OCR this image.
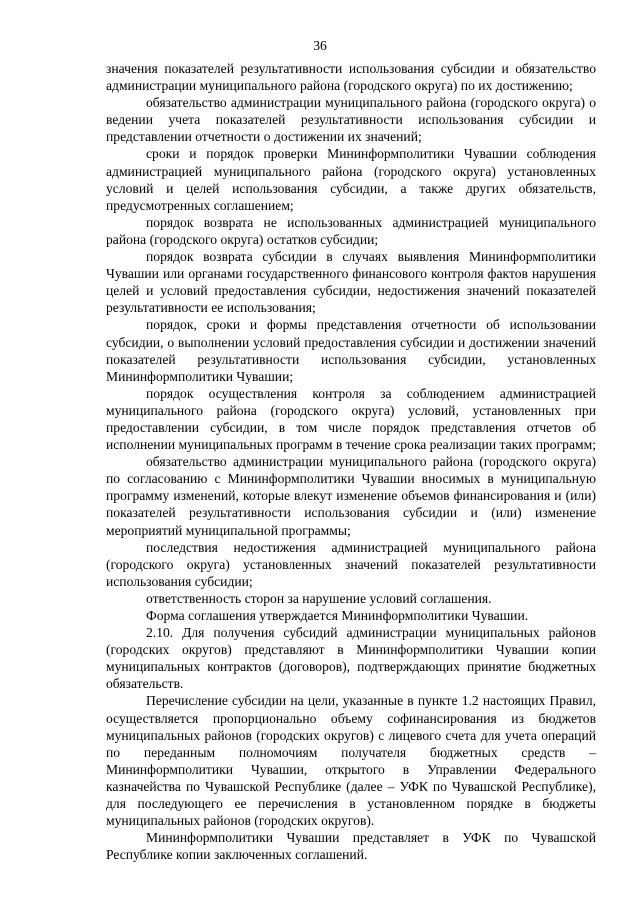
36

значения показателей результативности использования субсидии и обязательство администрации муниципального района (городского округа) по их достижению;

обязательство администрации муниципального района (городского округа) о ведении учета показателей результативности использования субсидии и представлении отчетности о достижении их значений;

сроки и порядок проверки Мининформполитики Чувашии соблюдения администрацией муниципального района (городского округа) установленных условий и целей использования субсидии, а также других обязательств, предусмотренных соглашением;

порядок возврата не использованных администрацией муниципального района (городского округа) остатков субсидии;

порядок возврата субсидии в случаях выявления Мининформполитики Чувашии или органами государственного финансового контроля фактов нарушения целей и условий предоставления субсидии, недостижения значений показателей результативности ее использования;

порядок, сроки и формы представления отчетности об использовании субсидии, о выполнении условий предоставления субсидии и достижении значений показателей результативности использования субсидии, установленных Мининформполитики Чувашии;

порядок осуществления контроля за соблюдением администрацией муниципального района (городского округа) условий, установленных при предоставлении субсидии, в том числе порядок представления отчетов об исполнении муниципальных программ в течение срока реализации таких программ;

обязательство администрации муниципального района (городского округа) по согласованию с Мининформполитики Чувашии вносимых в муниципальную программу изменений, которые влекут изменение объемов финансирования и (или) показателей результативности использования субсидии и (или) изменение мероприятий муниципальной программы;

последствия недостижения администрацией муниципального района (городского округа) установленных значений показателей результативности использования субсидии;

ответственность сторон за нарушение условий соглашения.

Форма соглашения утверждается Мининформполитики Чувашии.

2.10. Для получения субсидий администрации муниципальных районов (городских округов) представляют в Мининформполитики Чувашии копии муниципальных контрактов (договоров), подтверждающих принятие бюджетных обязательств.

Перечисление субсидии на цели, указанные в пункте 1.2 настоящих Правил, осуществляется пропорционально объему софинансирования из бюджетов муниципальных районов (городских округов) с лицевого счета для учета операций по переданным полномочиям получателя бюджетных средств – Мининформполитики Чувашии, открытого в Управлении Федерального казначейства по Чувашской Республике (далее – УФК по Чувашской Республике), для последующего ее перечисления в установленном порядке в бюджеты муниципальных районов (городских округов).

Мининформполитики Чувашии представляет в УФК по Чувашской Республике копии заключенных соглашений.
